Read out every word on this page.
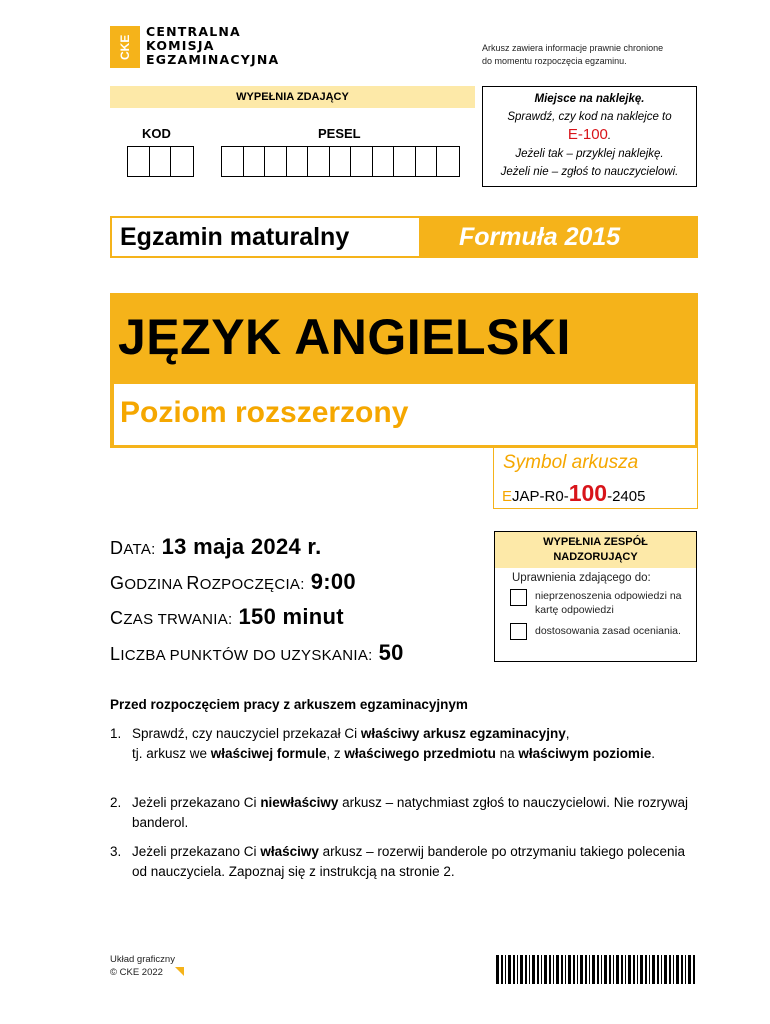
CKE
CENTRALNA
KOMISJA
EGZAMINACYJNA
Arkusz zawiera informacje prawnie chronione
do momentu rozpoczęcia egzaminu.
WYPEŁNIA ZDAJĄCY
KOD	PESEL
Miejsce na naklejkę.
Sprawdź, czy kod na naklejce to
E-100.
Jeżeli tak – przyklej naklejkę.
Jeżeli nie – zgłoś to nauczycielowi.
Egzamin maturalny	Formuła 2015
JĘZYK ANGIELSKI
Poziom rozszerzony
Symbol arkusza
EJAP-R0-100-2405
DATA: 13 maja 2024 r.
GODZINA ROZPOCZĘCIA: 9:00
CZAS TRWANIA: 150 minut
LICZBA PUNKTÓW DO UZYSKANIA: 50
WYPEŁNIA ZESPÓŁ
NADZORUJĄCY
Uprawnienia zdającego do:
nieprzenoszenia odpowiedzi na kartę odpowiedzi
dostosowania zasad oceniania.
Przed rozpoczęciem pracy z arkuszem egzaminacyjnym
1. Sprawdź, czy nauczyciel przekazał Ci właściwy arkusz egzaminacyjny,
tj. arkusz we właściwej formule, z właściwego przedmiotu na właściwym poziomie.
2. Jeżeli przekazano Ci niewłaściwy arkusz – natychmiast zgłoś to nauczycielowi. Nie rozrywaj banderol.
3. Jeżeli przekazano Ci właściwy arkusz – rozerwij banderole po otrzymaniu takiego polecenia od nauczyciela. Zapoznaj się z instrukcją na stronie 2.
Układ graficzny
© CKE 2022
